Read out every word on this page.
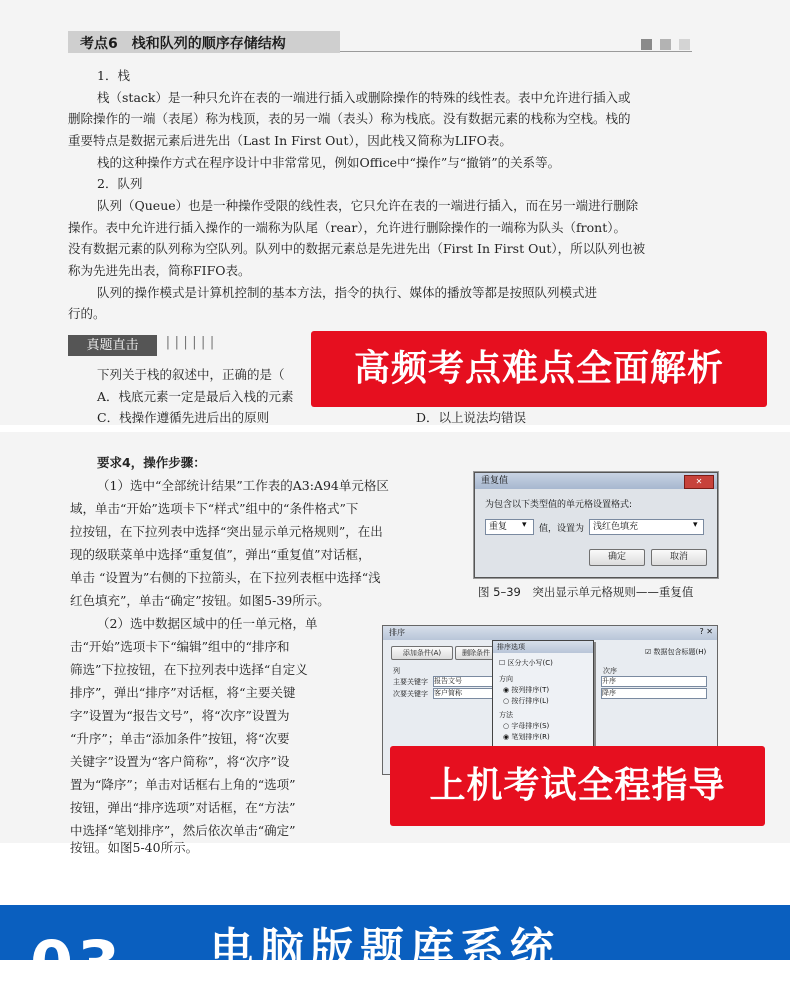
考点6　栈和队列的顺序存储结构
1．栈
栈（stack）是一种只允许在表的一端进行插入或删除操作的特殊的线性表。表中允许进行插入或
删除操作的一端（表尾）称为栈顶，表的另一端（表头）称为栈底。没有数据元素的栈称为空栈。栈的
重要特点是数据元素后进先出（Last In First Out），因此栈又简称为LIFO表。
栈的这种操作方式在程序设计中非常常见，例如Office中“操作”与“撤销”的关系等。
2．队列
队列（Queue）也是一种操作受限的线性表，它只允许在表的一端进行插入，而在另一端进行删除
操作。表中允许进行插入操作的一端称为队尾（rear），允许进行删除操作的一端称为队头（front）。
没有数据元素的队列称为空队列。队列中的数据元素总是先进先出（First In First Out），所以队列也被
称为先进先出表，简称FIFO表。
队列的操作模式是计算机控制的基本方法，指令的执行、媒体的播放等都是按照队列模式进
行的。
真题直击	||||||
下列关于栈的叙述中，正确的是（
A．栈底元素一定是最后入栈的元素
C．栈操作遵循先进后出的原则	D．以上说法均错误
高频考点难点全面解析
要求4，操作步骤：
（1）选中“全部统计结果”工作表的A3:A94单元格区
域，单击“开始”选项卡下“样式”组中的“条件格式”下
拉按钮，在下拉列表中选择“突出显示单元格规则”，在出
现的级联菜单中选择“重复值”，弹出“重复值”对话框，
单击 “设置为”右侧的下拉箭头，在下拉列表框中选择“浅
红色填充”，单击“确定”按钮。如图5-39所示。
（2）选中数据区域中的任一单元格，单
击“开始”选项卡下“编辑”组中的“排序和
筛选”下拉按钮，在下拉列表中选择“自定义
排序”，弹出“排序”对话框，将“主要关键
字”设置为“报告文号”，将“次序”设置为
“升序”；单击“添加条件”按钮，将“次要
关键字”设置为“客户简称”，将“次序”设
置为“降序”；单击对话框右上角的“选项”
按钮，弹出“排序选项”对话框，在“方法”
中选择“笔划排序”，然后依次单击“确定”
按钮。如图5-40所示。
重复值	✕
为包含以下类型值的单元格设置格式:
重复	▾ 值，设置为 浅红色填充	▾
确定	取消
图 5–39　突出显示单元格规则——重复值
排序	? ✕
添加条件(A)	删除条件	☑ 数据包含标题(H)
列	次序
主要关键字 报告文号
次要关键字 客户简称
升序
降序
排序选项
☐ 区分大小写(C)
方向
◉ 按列排序(T)
○ 按行排序(L)
方法
○ 字母排序(S)
◉ 笔划排序(R)
上机考试全程指导
03 电脑版题库系统
